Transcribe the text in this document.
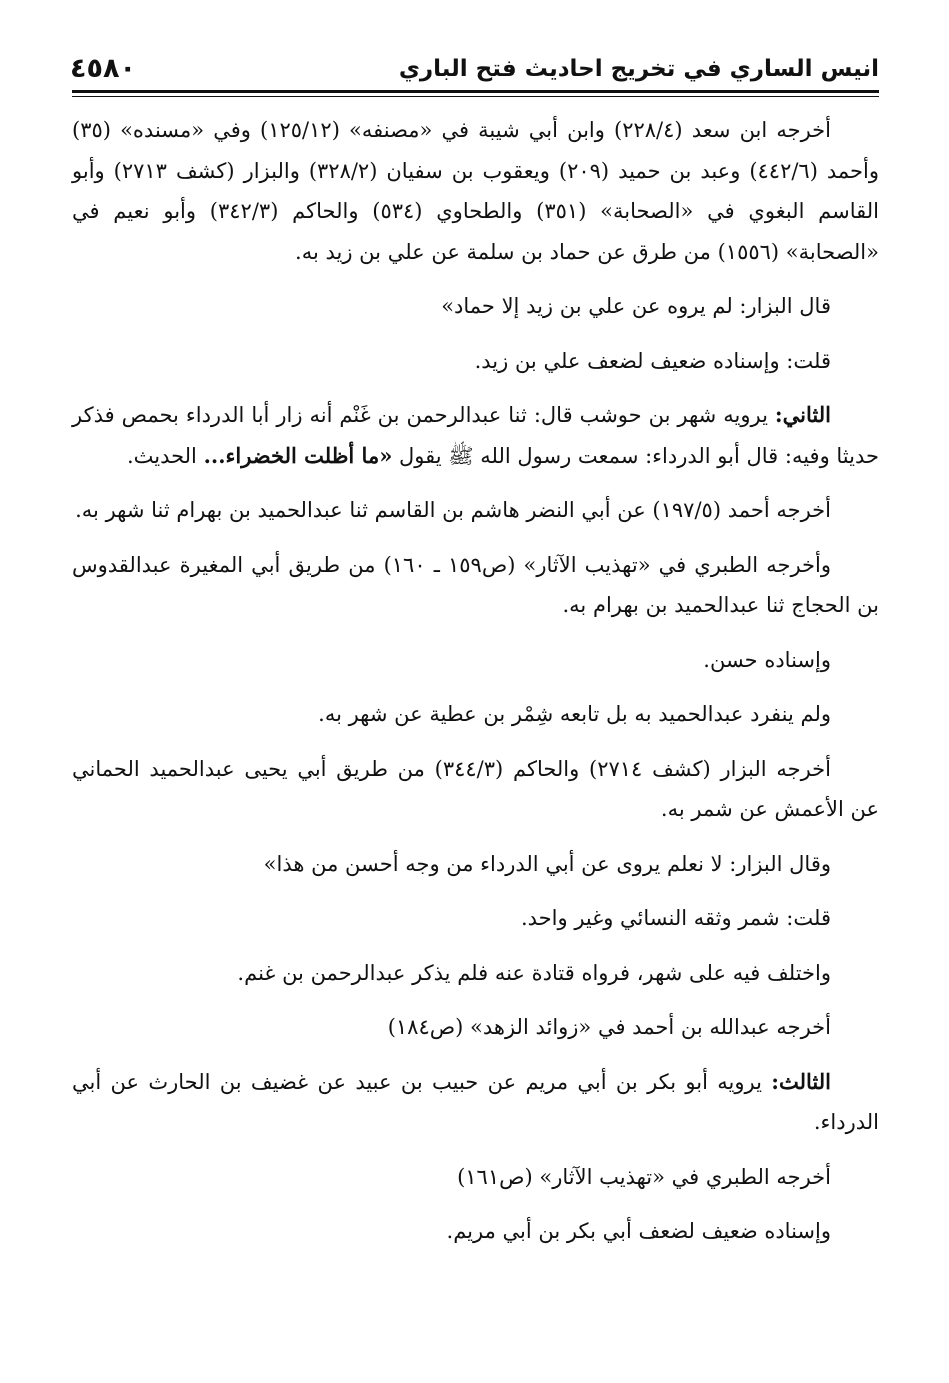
انيس الساري في تخريج احاديث فتح الباري
٤٥٨٠

أخرجه ابن سعد (٢٢٨/٤) وابن أبي شيبة في «مصنفه» (١٢٥/١٢) وفي «مسنده» (٣٥) وأحمد (٤٤٢/٦) وعبد بن حميد (٢٠٩) ويعقوب بن سفيان (٣٢٨/٢) والبزار (كشف ٢٧١٣) وأبو القاسم البغوي في «الصحابة» (٣٥١) والطحاوي (٥٣٤) والحاكم (٣٤٢/٣) وأبو نعيم في «الصحابة» (١٥٥٦) من طرق عن حماد بن سلمة عن علي بن زيد به.

قال البزار: لم يروه عن علي بن زيد إلا حماد»

قلت: وإسناده ضعيف لضعف علي بن زيد.

الثاني: يرويه شهر بن حوشب قال: ثنا عبدالرحمن بن غَنْم أنه زار أبا الدرداء بحمص فذكر حديثا وفيه: قال أبو الدرداء: سمعت رسول الله ﷺ يقول «ما أظلت الخضراء... الحديث.

أخرجه أحمد (١٩٧/٥) عن أبي النضر هاشم بن القاسم ثنا عبدالحميد بن بهرام ثنا شهر به.

وأخرجه الطبري في «تهذيب الآثار» (ص١٥٩ ـ ١٦٠) من طريق أبي المغيرة عبدالقدوس بن الحجاج ثنا عبدالحميد بن بهرام به.

وإسناده حسن.

ولم ينفرد عبدالحميد به بل تابعه شِمْر بن عطية عن شهر به.

أخرجه البزار (كشف ٢٧١٤) والحاكم (٣٤٤/٣) من طريق أبي يحيى عبدالحميد الحماني عن الأعمش عن شمر به.

وقال البزار: لا نعلم يروى عن أبي الدرداء من وجه أحسن من هذا»

قلت: شمر وثقه النسائي وغير واحد.

واختلف فيه على شهر، فرواه قتادة عنه فلم يذكر عبدالرحمن بن غنم.

أخرجه عبدالله بن أحمد في «زوائد الزهد» (ص١٨٤)

الثالث: يرويه أبو بكر بن أبي مريم عن حبيب بن عبيد عن غضيف بن الحارث عن أبي الدرداء.

أخرجه الطبري في «تهذيب الآثار» (ص١٦١)

وإسناده ضعيف لضعف أبي بكر بن أبي مريم.
